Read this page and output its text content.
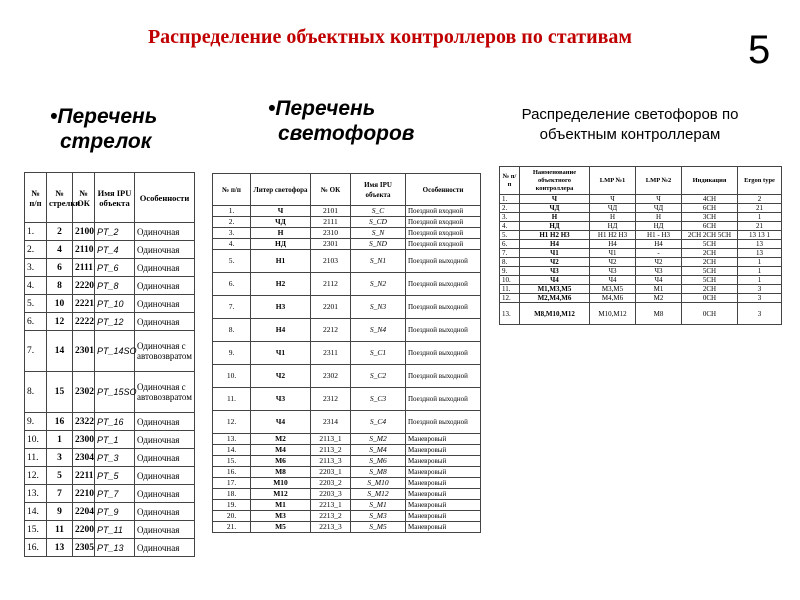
Распределение объектных контроллеров по стативам	5
•Перечень
стрелок
•Перечень
светофоров
Распределение светофоров по
объектным контроллерам
№ п/п	№ стрелки	№ ОК	Имя IPU объекта	Особенности
1.	2	2100	PT_2	Одиночная
2.	4	2110	PT_4	Одиночная
3.	6	2111	PT_6	Одиночная
4.	8	2220	PT_8	Одиночная
5.	10	2221	PT_10	Одиночная
6.	12	2222	PT_12	Одиночная
7.	14	2301	PT_14SO	Одиночная с автовозвратом
8.	15	2302	PT_15SO	Одиночная с автовозвратом
9.	16	2322	PT_16	Одиночная
10.	1	2300	PT_1	Одиночная
11.	3	2304	PT_3	Одиночная
12.	5	2211	PT_5	Одиночная
13.	7	2210	PT_7	Одиночная
14.	9	2204	PT_9	Одиночная
15.	11	2200	PT_11	Одиночная
16.	13	2305	PT_13	Одиночная
№ п/п	Литер светофора	№ ОК	Имя IPU объекта	Особенности
1.	Ч	2101	S_C	Поездной входной
2.	ЧД	2111	S_CD	Поездной входной
3.	Н	2310	S_N	Поездной входной
4.	НД	2301	S_ND	Поездной входной
5.	Н1	2103	S_N1	Поездной выходной
6.	Н2	2112	S_N2	Поездной выходной
7.	Н3	2201	S_N3	Поездной выходной
8.	Н4	2212	S_N4	Поездной выходной
9.	Ч1	2311	S_C1	Поездной выходной
10.	Ч2	2302	S_C2	Поездной выходной
11.	Ч3	2312	S_C3	Поездной выходной
12.	Ч4	2314	S_C4	Поездной выходной
13.	М2	2113_1	S_M2	Маневровый
14.	М4	2113_2	S_M4	Маневровый
15.	М6	2113_3	S_M6	Маневровый
16.	М8	2203_1	S_M8	Маневровый
17.	М10	2203_2	S_M10	Маневровый
18.	М12	2203_3	S_M12	Маневровый
19.	М1	2213_1	S_M1	Маневровый
20.	М3	2213_2	S_M3	Маневровый
21.	М5	2213_3	S_M5	Маневровый
№ п/п	Наименование объектного контроллера	LMP №1	LMP №2	Индикация	Ergon type
1.	Ч	Ч	Ч	4СН	2
2.	ЧД	ЧД	ЧД	6СН	21
3.	Н	Н	Н	3СН	1
4.	НД	НД	НД	6СН	21
5.	Н1 Н2 Н3	Н1 Н2 Н3	Н1 - Н3	2СН 2СН 5СН	13 13 1
6.	Н4	Н4	Н4	5СН	13
7.	Ч1	Ч1	-	2СН	13
8.	Ч2	Ч2	Ч2	2СН	1
9.	Ч3	Ч3	Ч3	5СН	1
10.	Ч4	Ч4	Ч4	5СН	1
11.	М1,М3,М5	М3,М5	М1	2СН	3
12.	М2,М4,М6	М4,М6	М2	0СН	3
13.	М8,М10,М12	М10,М12	М8	0СН	3
